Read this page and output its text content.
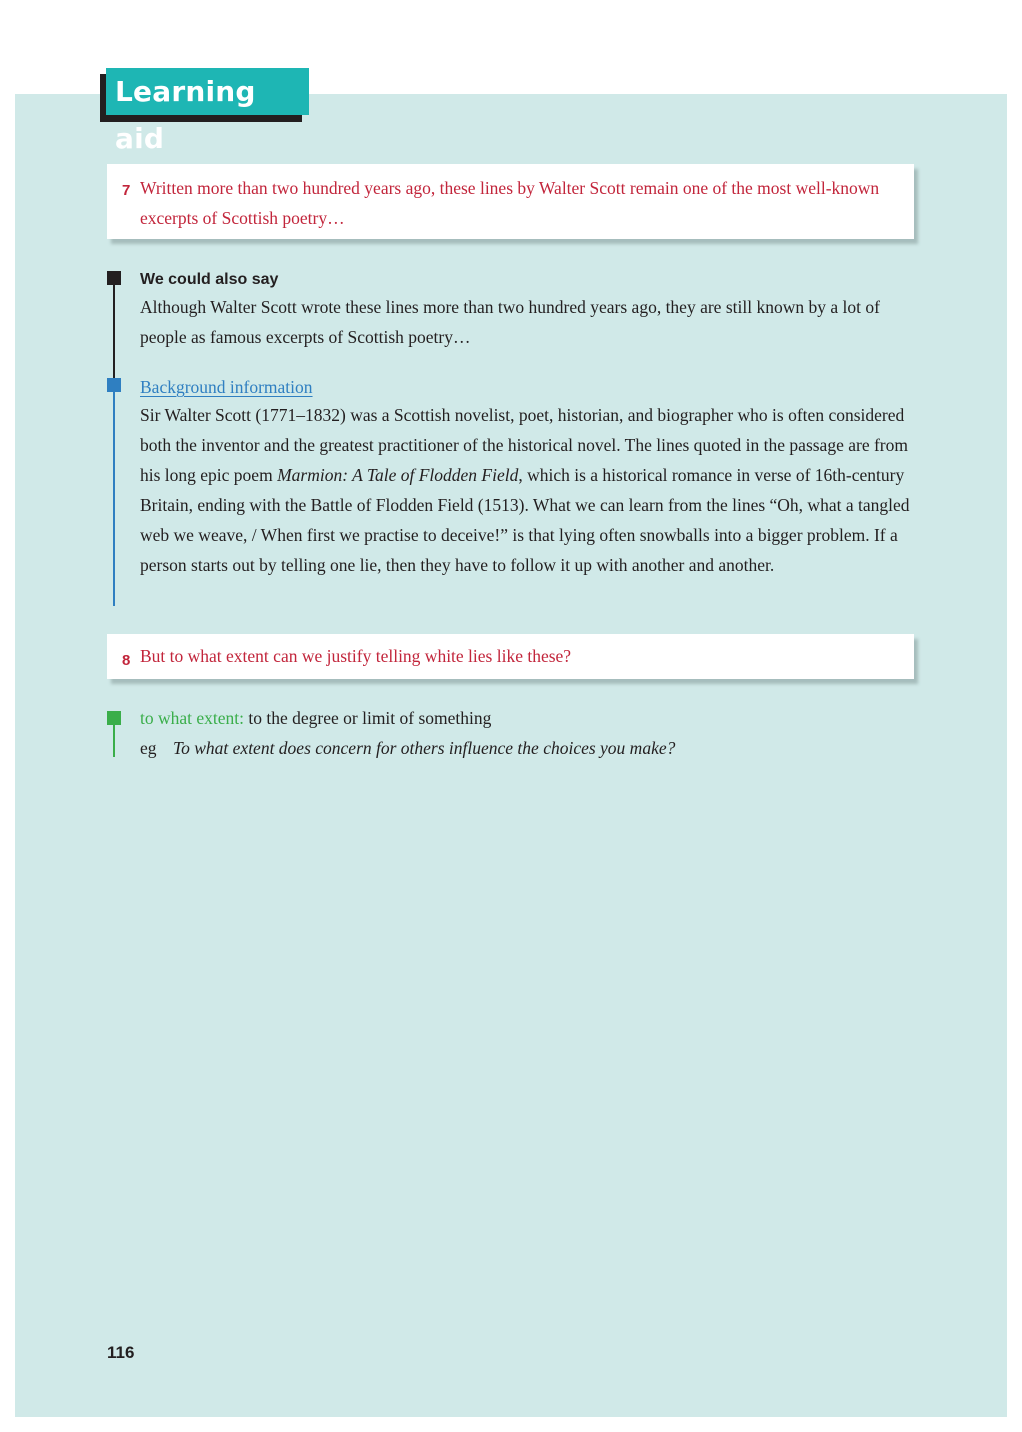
Learning aid
7 Written more than two hundred years ago, these lines by Walter Scott remain one of the most well-known excerpts of Scottish poetry…
We could also say
Although Walter Scott wrote these lines more than two hundred years ago, they are still known by a lot of people as famous excerpts of Scottish poetry…
Background information
Sir Walter Scott (1771–1832) was a Scottish novelist, poet, historian, and biographer who is often considered both the inventor and the greatest practitioner of the historical novel. The lines quoted in the passage are from his long epic poem Marmion: A Tale of Flodden Field, which is a historical romance in verse of 16th-century Britain, ending with the Battle of Flodden Field (1513). What we can learn from the lines “Oh, what a tangled web we weave, / When first we practise to deceive!” is that lying often snowballs into a bigger problem. If a person starts out by telling one lie, then they have to follow it up with another and another.
8 But to what extent can we justify telling white lies like these?
to what extent: to the degree or limit of something
eg To what extent does concern for others influence the choices you make?
116
